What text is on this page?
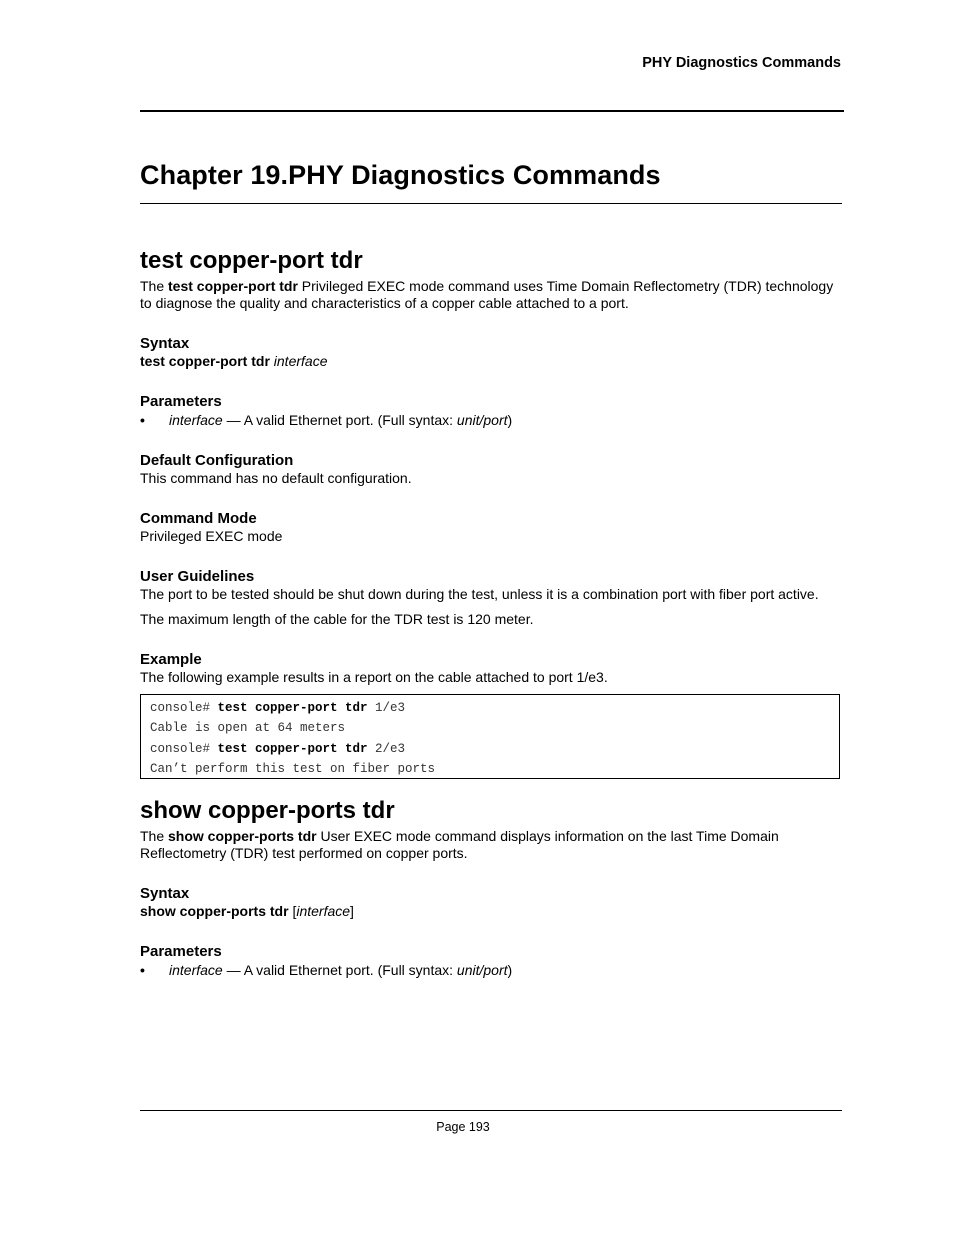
PHY Diagnostics Commands
Chapter 19.PHY Diagnostics Commands
test copper-port tdr

The test copper-port tdr Privileged EXEC mode command uses Time Domain Reflectometry (TDR) technology to diagnose the quality and characteristics of a copper cable attached to a port.

Syntax

test copper-port tdr interface

Parameters
• interface — A valid Ethernet port. (Full syntax: unit/port)
Default Configuration

This command has no default configuration.

Command Mode

Privileged EXEC mode

User Guidelines

The port to be tested should be shut down during the test, unless it is a combination port with fiber port active.

The maximum length of the cable for the TDR test is 120 meter.

Example

The following example results in a report on the cable attached to port 1/e3.

console# test copper-port tdr 1/e3
Cable is open at 64 meters
console# test copper-port tdr 2/e3
Can’t perform this test on fiber ports
show copper-ports tdr

The show copper-ports tdr User EXEC mode command displays information on the last Time Domain Reflectometry (TDR) test performed on copper ports.

Syntax

show copper-ports tdr [interface]

Parameters
• interface — A valid Ethernet port. (Full syntax: unit/port)
Page 193
